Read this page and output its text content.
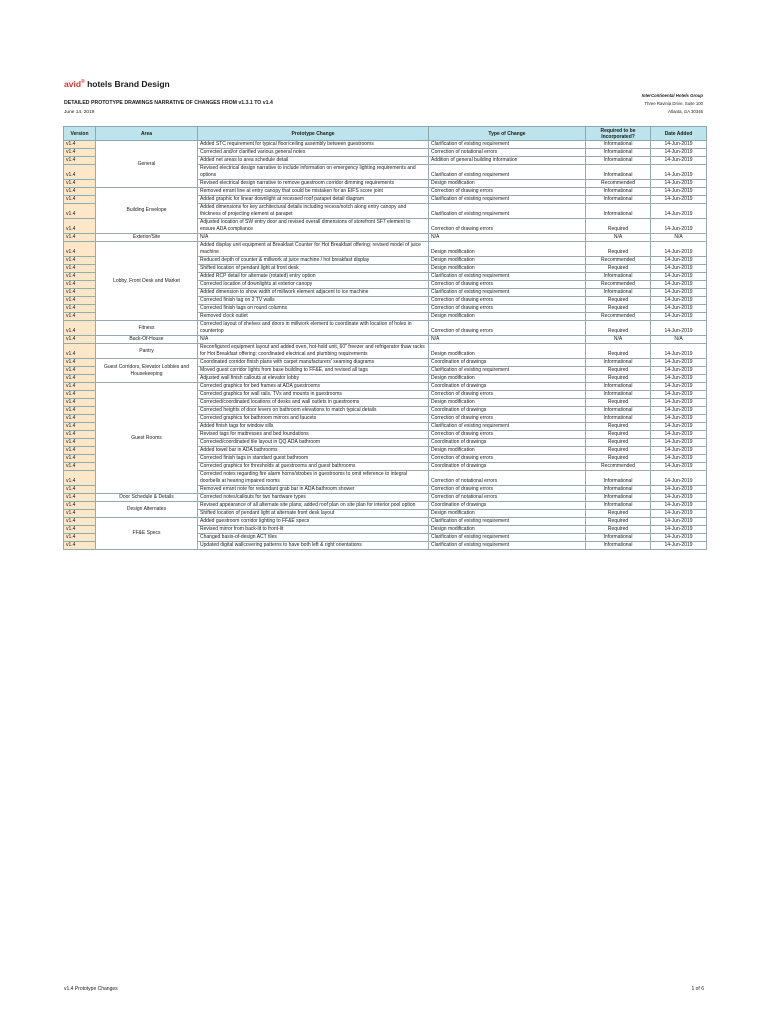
avid® hotels Brand Design
DETAILED PROTOTYPE DRAWINGS NARRATIVE OF CHANGES FROM v1.3.1 TO v1.4
June 14, 2019
InterContinental Hotels Group
Three Ravinia Drive, Suite 100
Atlanta, GA 30346
Version	Area	Prototype Change	Type of Change	Required to be Incorporated?	Date Added
v1.4	General	Added STC requirement for typical floor/ceiling assembly between guestrooms	Clarification of existing requirement	Informational	14-Jun-2019
v1.4		Corrected and/or clarified various general notes	Correction of notational errors	Informational	14-Jun-2019
v1.4		Added net areas to area schedule detail	Addition of general building information	Informational	14-Jun-2019
v1.4		Revised electrical design narrative to include information on emergency lighting requirements and options	Clarification of existing requirement	Informational	14-Jun-2019
v1.4		Revised electrical design narrative to remove guestroom corridor dimming requirements	Design modification	Recommended	14-Jun-2019
v1.4	Building Envelope	Removed errant line at entry canopy that could be mistaken for an EIFS score joint	Correction of drawing errors	Informational	14-Jun-2019
v1.4		Added graphic for linear downlight at recessed roof parapet detail diagram	Clarification of existing requirement	Informational	14-Jun-2019
v1.4		Added dimensions for key architectural details including recess/notch along entry canopy and thickness of projecting element at parapet	Clarification of existing requirement	Informational	14-Jun-2019
v1.4		Adjusted location of SW entry door and revised overall dimensions of storefront SF7 element to ensure ADA compliance	Correction of drawing errors	Required	14-Jun-2019
v1.4	Exterior/Site	N/A	N/A	N/A	N/A
v1.4	Lobby, Front Desk and Market	Added display unit equipment at Breakfast Counter for Hot Breakfast offering; revised model of juice machine	Design modification	Required	14-Jun-2019
v1.4		Reduced depth of counter & millwork at juice machine / hot breakfast display	Design modification	Recommended	14-Jun-2019
v1.4		Shifted location of pendant light at front desk	Design modification	Required	14-Jun-2019
v1.4		Added RCP detail for alternate (rotated) entry option	Clarification of existing requirement	Informational	14-Jun-2019
v1.4		Corrected location of downlights at exterior canopy	Correction of drawing errors	Recommended	14-Jun-2019
v1.4		Added dimension to show width of millwork element adjacent to ice machine	Clarification of existing requirement	Informational	14-Jun-2019
v1.4		Corrected finish tag on 2 TV walls	Correction of drawing errors	Required	14-Jun-2019
v1.4		Corrected finish tags on round columns	Correction of drawing errors	Required	14-Jun-2019
v1.4		Removed clock outlet	Design modification	Recommended	14-Jun-2019
v1.4	Fitness	Corrected layout of shelves and doors in millwork element to coordinate with location of holes in countertop	Correction of drawing errors	Required	14-Jun-2019
v1.4	Back-Of-House	N/A	N/A	N/A	N/A
v1.4	Pantry	Reconfigured equipment layout and added oven, hot-hold unit, 60" freezer and refrigerator thaw racks for Hot Breakfast offering; coordinated electrical and plumbing requirements	Design modification	Required	14-Jun-2019
v1.4	Guest Corridors, Elevator Lobbies and Housekeeping	Coordinated corridor finish plans with carpet manufacturers' seaming diagrams	Coordination of drawings	Informational	14-Jun-2019
v1.4		Moved guest corridor lights from base building to FF&E, and revised all tags	Clarification of existing requirement	Required	14-Jun-2019
v1.4		Adjusted wall finish callouts at elevator lobby	Design modification	Required	14-Jun-2019
v1.4	Guest Rooms	Corrected graphics for bed frames at ADA guestrooms	Coordination of drawings	Informational	14-Jun-2019
v1.4		Corrected graphics for wall rails, TVs and mounts in guestrooms	Correction of drawing errors	Informational	14-Jun-2019
v1.4		Corrected/coordinated locations of desks and wall outlets in guestrooms	Design modification	Required	14-Jun-2019
v1.4		Corrected heights of door levers on bathroom elevations to match typical details	Coordination of drawings	Informational	14-Jun-2019
v1.4		Corrected graphics for bathroom mirrors and faucets	Correction of drawing errors	Informational	14-Jun-2019
v1.4		Added finish tags for window sills	Clarification of existing requirement	Required	14-Jun-2019
v1.4		Revised tags for mattresses and bed foundations	Correction of drawing errors	Required	14-Jun-2019
v1.4		Corrected/coordinated tile layout in QQ ADA bathroom	Coordination of drawings	Required	14-Jun-2019
v1.4		Added towel bar in ADA bathrooms	Design modification	Required	14-Jun-2019
v1.4		Corrected finish tags in standard guest bathroom	Correction of drawing errors	Required	14-Jun-2019
v1.4		Corrected graphics for thresholds at guestrooms and guest bathrooms	Coordination of drawings	Recommended	14-Jun-2019
v1.4		Corrected notes regarding fire alarm horns/strobes in guestrooms to omit reference to integral doorbells at hearing impaired rooms	Correction of notational errors	Informational	14-Jun-2019
v1.4		Removed errant note for redundant grab bar in ADA bathroom shower	Correction of drawing errors	Informational	14-Jun-2019
v1.4	Door Schedule & Details	Corrected notes/callouts for two hardware types	Correction of notational errors	Informational	14-Jun-2019
v1.4	Design Alternates	Revised appearance of all alternate site plans; added roof plan on site plan for interior pool option	Coordination of drawings	Informational	14-Jun-2019
v1.4		Shifted location of pendant light at alternate front desk layout	Design modification	Required	14-Jun-2019
v1.4	FF&E Specs	Added guestroom corridor lighting to FF&E specs	Clarification of existing requirement	Required	14-Jun-2019
v1.4		Revised mirror from back-lit to front-lit	Design modification	Required	14-Jun-2019
v1.4		Changed basis-of-design ACT tiles	Clarification of existing requirement	Informational	14-Jun-2019
v1.4		Updated digital wallcovering patterns to have both left & right orientations	Clarification of existing requirement	Informational	14-Jun-2019
v1.4 Prototype Changes	1 of 6
